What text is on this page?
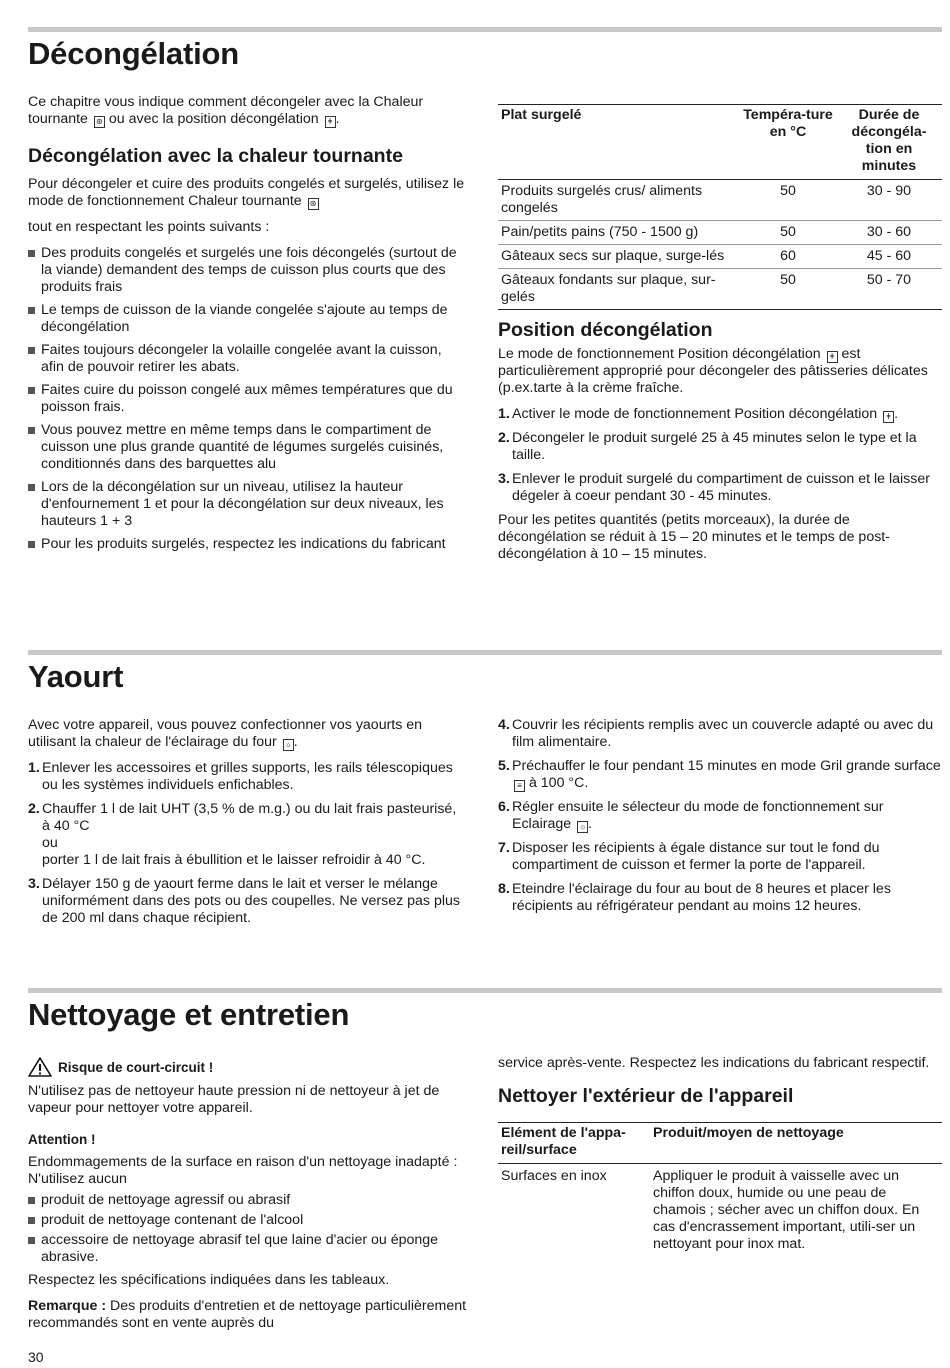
Décongélation

Ce chapitre vous indique comment décongeler avec la Chaleur tournante ⊛ ou avec la position décongélation ǂ .

Décongélation avec la chaleur tournante

Pour décongeler et cuire des produits congelés et surgelés, utilisez le mode de fonctionnement Chaleur tournante ⊛

tout en respectant les points suivants :

Des produits congelés et surgelés une fois décongelés (surtout de la viande) demandent des temps de cuisson plus courts que des produits frais
Le temps de cuisson de la viande congelée s'ajoute au temps de décongélation
Faites toujours décongeler la volaille congelée avant la cuisson, afin de pouvoir retirer les abats.
Faites cuire du poisson congelé aux mêmes températures que du poisson frais.
Vous pouvez mettre en même temps dans le compartiment de cuisson une plus grande quantité de légumes surgelés cuisinés, conditionnés dans des barquettes alu
Lors de la décongélation sur un niveau, utilisez la hauteur d'enfournement 1 et pour la décongélation sur deux niveaux, les hauteurs 1 + 3
Pour les produits surgelés, respectez les indications du fabricant
Plat surgelé	Tempéra-ture en °C	Durée de décongéla-tion en minutes
Produits surgelés crus/ aliments congelés	50	30 - 90
Pain/petits pains (750 - 1500 g)	50	30 - 60
Gâteaux secs sur plaque, surge-lés	60	45 - 60
Gâteaux fondants sur plaque, sur-gelés	50	50 - 70
Position décongélation

Le mode de fonctionnement Position décongélation ǂ est particulièrement approprié pour décongeler des pâtisseries délicates (p.ex.tarte à la crème fraîche.

1. Activer le mode de fonctionnement Position décongélation ǂ .
2. Décongeler le produit surgelé 25 à 45 minutes selon le type et la taille.
3. Enlever le produit surgelé du compartiment de cuisson et le laisser dégeler à coeur pendant 30 - 45 minutes.

Pour les petites quantités (petits morceaux), la durée de décongélation se réduit à 15 – 20 minutes et le temps de post-décongélation à 10 – 15 minutes.

Yaourt

Avec votre appareil, vous pouvez confectionner vos yaourts en utilisant la chaleur de l'éclairage du four ☼ .

1. Enlever les accessoires et grilles supports, les rails télescopiques ou les systèmes individuels enfichables.
2. Chauffer 1 l de lait UHT (3,5 % de m.g.) ou du lait frais pasteurisé, à 40 °C
ou
porter 1 l de lait frais à ébullition et le laisser refroidir à 40 °C.
3. Délayer 150 g de yaourt ferme dans le lait et verser le mélange uniformément dans des pots ou des coupelles. Ne versez pas plus de 200 ml dans chaque récipient.
4. Couvrir les récipients remplis avec un couvercle adapté ou avec du film alimentaire.
5. Préchauffer le four pendant 15 minutes en mode Gril grande surface ≡ à 100 °C.
6. Régler ensuite le sélecteur du mode de fonctionnement sur Eclairage ☼ .
7. Disposer les récipients à égale distance sur tout le fond du compartiment de cuisson et fermer la porte de l'appareil.
8. Eteindre l'éclairage du four au bout de 8 heures et placer les récipients au réfrigérateur pendant au moins 12 heures.
Nettoyage et entretien
Risque de court-circuit !

N'utilisez pas de nettoyeur haute pression ni de nettoyeur à jet de vapeur pour nettoyer votre appareil.

Attention !

Endommagements de la surface en raison d'un nettoyage inadapté : N'utilisez aucun

produit de nettoyage agressif ou abrasif
produit de nettoyage contenant de l'alcool
accessoire de nettoyage abrasif tel que laine d'acier ou éponge abrasive.

Respectez les spécifications indiquées dans les tableaux.

Remarque : Des produits d'entretien et de nettoyage particulièrement recommandés sont en vente auprès du

service après-vente. Respectez les indications du fabricant respectif.

Nettoyer l'extérieur de l'appareil
Elément de l'appa-reil/surface	Produit/moyen de nettoyage
Surfaces en inox	Appliquer le produit à vaisselle avec un chiffon doux, humide ou une peau de chamois ; sécher avec un chiffon doux. En cas d'encrassement important, utili-ser un nettoyant pour inox mat.
30
